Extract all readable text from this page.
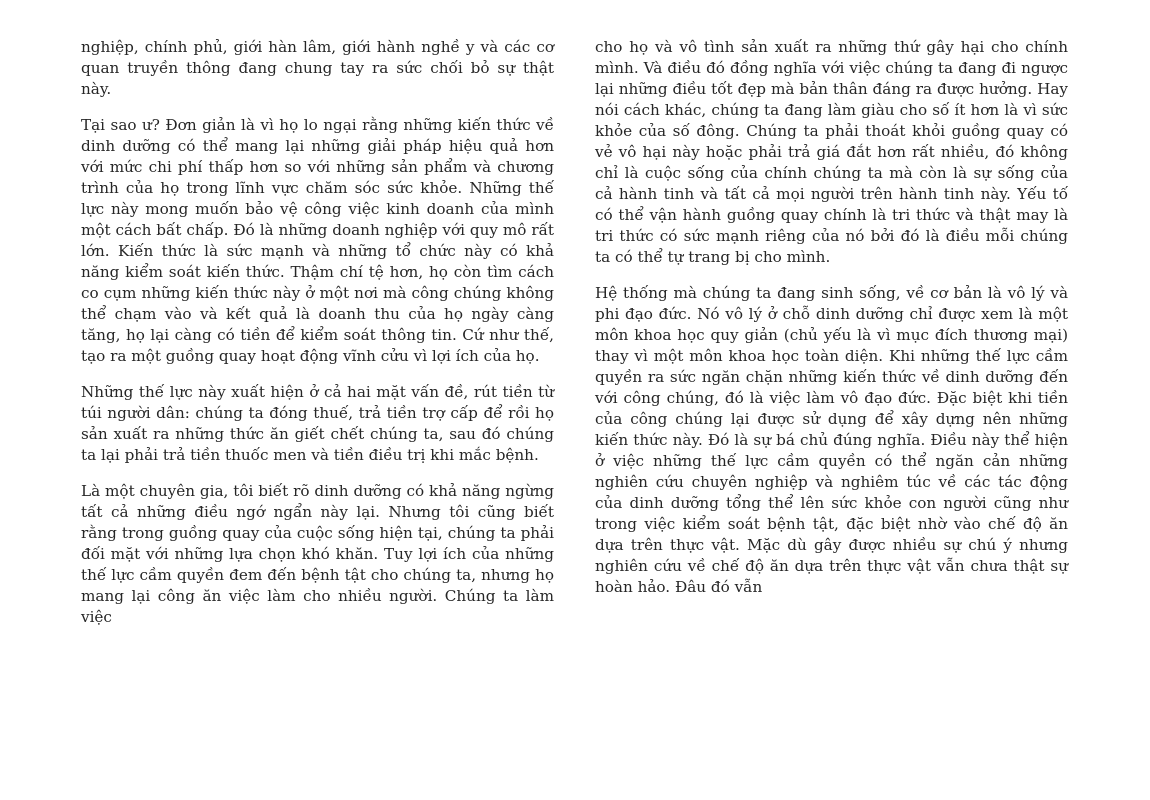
nghiệp, chính phủ, giới hàn lâm, giới hành nghề y và các cơ quan truyền thông đang chung tay ra sức chối bỏ sự thật này.

Tại sao ư? Đơn giản là vì họ lo ngại rằng những kiến thức về dinh dưỡng có thể mang lại những giải pháp hiệu quả hơn với mức chi phí thấp hơn so với những sản phẩm và chương trình của họ trong lĩnh vực chăm sóc sức khỏe. Những thế lực này mong muốn bảo vệ công việc kinh doanh của mình một cách bất chấp. Đó là những doanh nghiệp với quy mô rất lớn. Kiến thức là sức mạnh và những tổ chức này có khả năng kiểm soát kiến thức. Thậm chí tệ hơn, họ còn tìm cách co cụm những kiến thức này ở một nơi mà công chúng không thể chạm vào và kết quả là doanh thu của họ ngày càng tăng, họ lại càng có tiền để kiểm soát thông tin. Cứ như thế, tạo ra một guồng quay hoạt động vĩnh cửu vì lợi ích của họ.

Những thế lực này xuất hiện ở cả hai mặt vấn đề, rút tiền từ túi người dân: chúng ta đóng thuế, trả tiền trợ cấp để rồi họ sản xuất ra những thức ăn giết chết chúng ta, sau đó chúng ta lại phải trả tiền thuốc men và tiền điều trị khi mắc bệnh.

Là một chuyên gia, tôi biết rõ dinh dưỡng có khả năng ngừng tất cả những điều ngớ ngẩn này lại. Nhưng tôi cũng biết rằng trong guồng quay của cuộc sống hiện tại, chúng ta phải đối mặt với những lựa chọn khó khăn. Tuy lợi ích của những thế lực cầm quyền đem đến bệnh tật cho chúng ta, nhưng họ mang lại công ăn việc làm cho nhiều người. Chúng ta làm việc

cho họ và vô tình sản xuất ra những thứ gây hại cho chính mình. Và điều đó đồng nghĩa với việc chúng ta đang đi ngược lại những điều tốt đẹp mà bản thân đáng ra được hưởng. Hay nói cách khác, chúng ta đang làm giàu cho số ít hơn là vì sức khỏe của số đông. Chúng ta phải thoát khỏi guồng quay có vẻ vô hại này hoặc phải trả giá đắt hơn rất nhiều, đó không chỉ là cuộc sống của chính chúng ta mà còn là sự sống của cả hành tinh và tất cả mọi người trên hành tinh này. Yếu tố có thể vận hành guồng quay chính là tri thức và thật may là tri thức có sức mạnh riêng của nó bởi đó là điều mỗi chúng ta có thể tự trang bị cho mình.

Hệ thống mà chúng ta đang sinh sống, về cơ bản là vô lý và phi đạo đức. Nó vô lý ở chỗ dinh dưỡng chỉ được xem là một môn khoa học quy giản (chủ yếu là vì mục đích thương mại) thay vì một môn khoa học toàn diện. Khi những thế lực cầm quyền ra sức ngăn chặn những kiến thức về dinh dưỡng đến với công chúng, đó là việc làm vô đạo đức. Đặc biệt khi tiền của công chúng lại được sử dụng để xây dựng nên những kiến thức này. Đó là sự bá chủ đúng nghĩa. Điều này thể hiện ở việc những thế lực cầm quyền có thể ngăn cản những nghiên cứu chuyên nghiệp và nghiêm túc về các tác động của dinh dưỡng tổng thể lên sức khỏe con người cũng như trong việc kiểm soát bệnh tật, đặc biệt nhờ vào chế độ ăn dựa trên thực vật. Mặc dù gây được nhiều sự chú ý nhưng nghiên cứu về chế độ ăn dựa trên thực vật vẫn chưa thật sự hoàn hảo. Đâu đó vẫn
